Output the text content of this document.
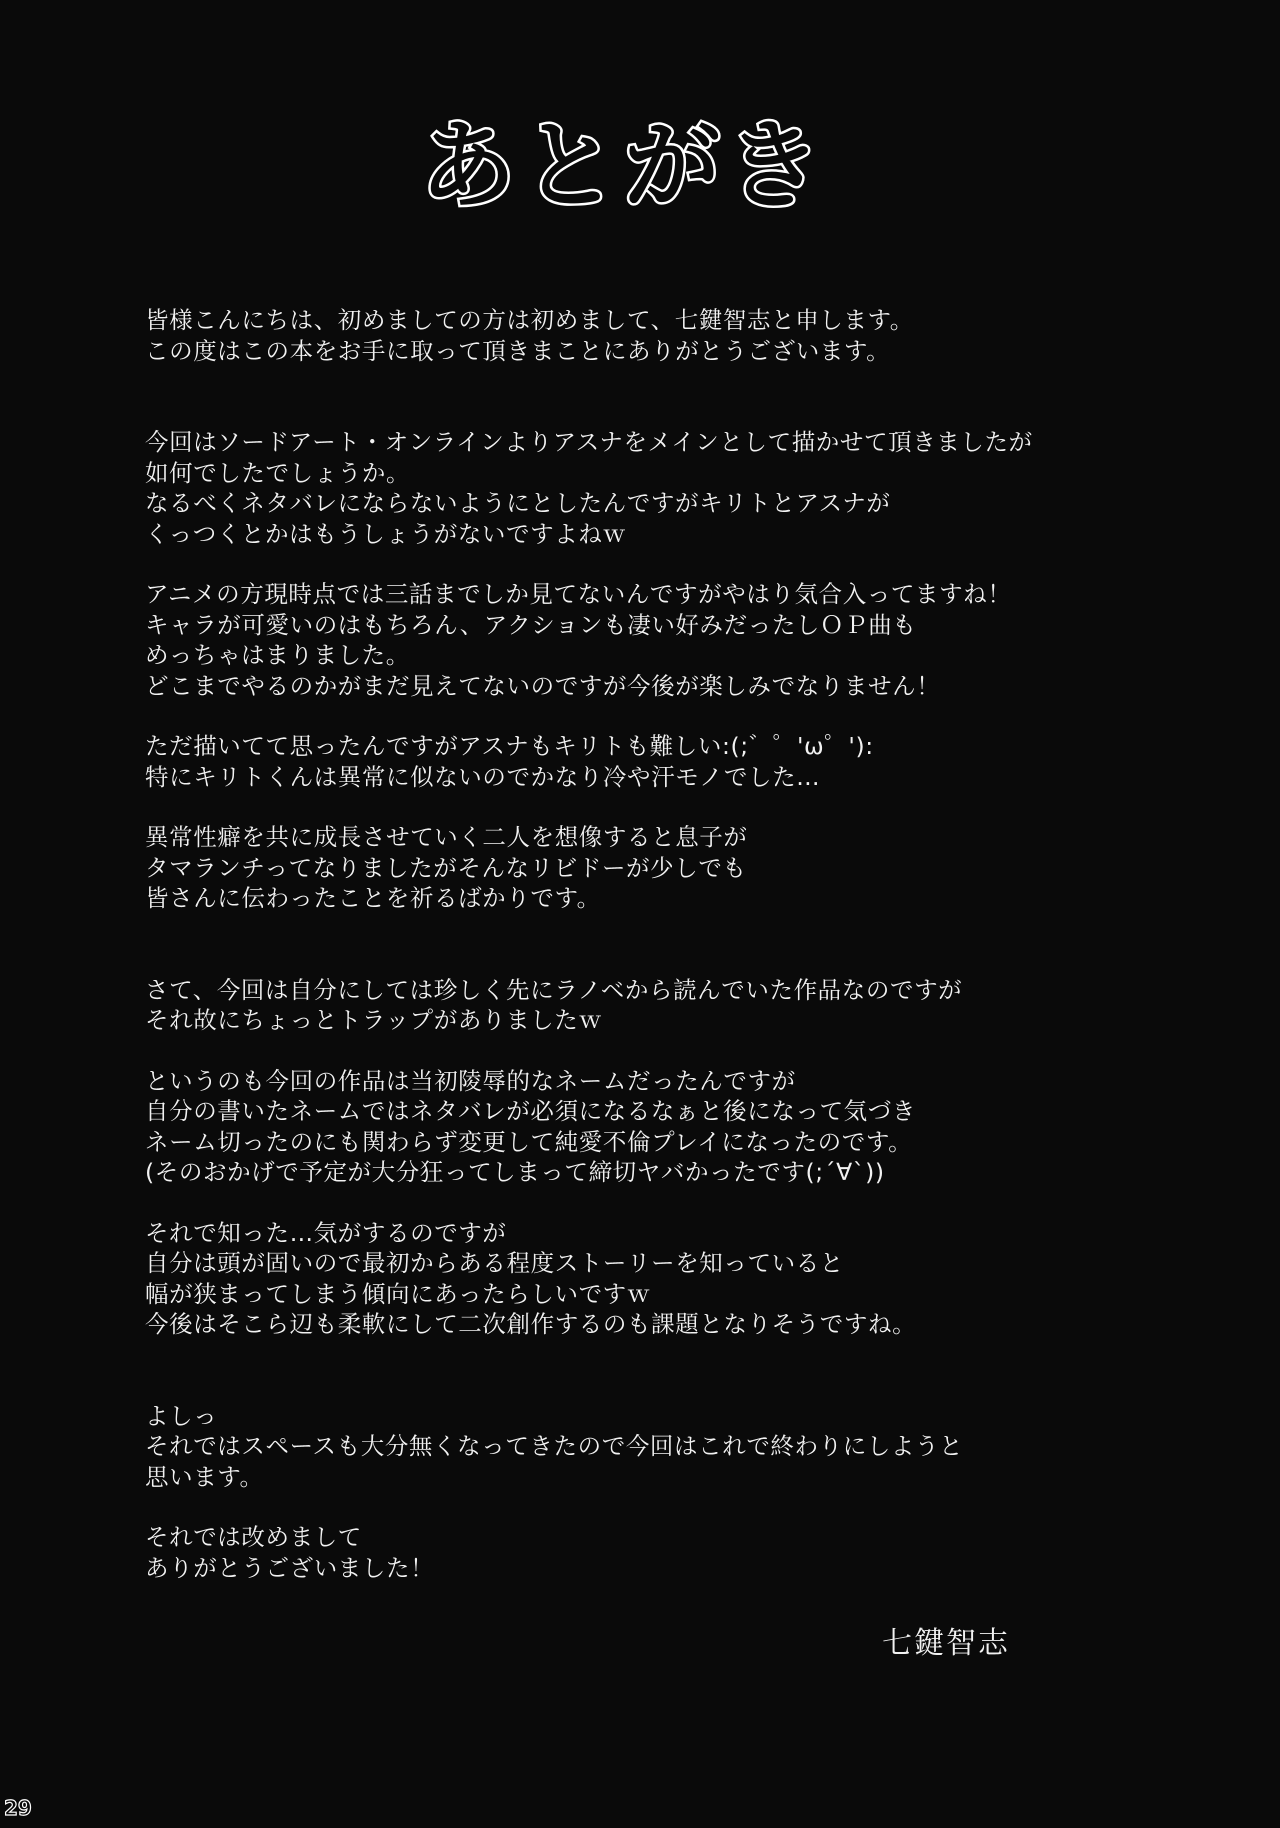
あとがき
皆様こんにちは、初めましての方は初めまして、七鍵智志と申します。
この度はこの本をお手に取って頂きまことにありがとうございます。
今回はソードアート・オンラインよりアスナをメインとして描かせて頂きましたが
如何でしたでしょうか。
なるべくネタバレにならないようにとしたんですがキリトとアスナが
くっつくとかはもうしょうがないですよねｗ
アニメの方現時点では三話までしか見てないんですがやはり気合入ってますね！
キャラが可愛いのはもちろん、アクションも凄い好みだったしＯＰ曲も
めっちゃはまりました。
どこまでやるのかがまだ見えてないのですが今後が楽しみでなりません！
ただ描いてて思ったんですがアスナもキリトも難しい:(;゛゜'ω゜'):
特にキリトくんは異常に似ないのでかなり冷や汗モノでした…
異常性癖を共に成長させていく二人を想像すると息子が
タマランチってなりましたがそんなリビドーが少しでも
皆さんに伝わったことを祈るばかりです。
さて、今回は自分にしては珍しく先にラノベから読んでいた作品なのですが
それ故にちょっとトラップがありましたｗ
というのも今回の作品は当初陵辱的なネームだったんですが
自分の書いたネームではネタバレが必須になるなぁと後になって気づき
ネーム切ったのにも関わらず変更して純愛不倫プレイになったのです。
(そのおかげで予定が大分狂ってしまって締切ヤバかったです(;´∀`))
それで知った…気がするのですが
自分は頭が固いので最初からある程度ストーリーを知っていると
幅が狭まってしまう傾向にあったらしいですｗ
今後はそこら辺も柔軟にして二次創作するのも課題となりそうですね。
よしっ
それではスペースも大分無くなってきたので今回はこれで終わりにしようと
思います。
それでは改めまして
ありがとうございました！
七鍵智志
29
